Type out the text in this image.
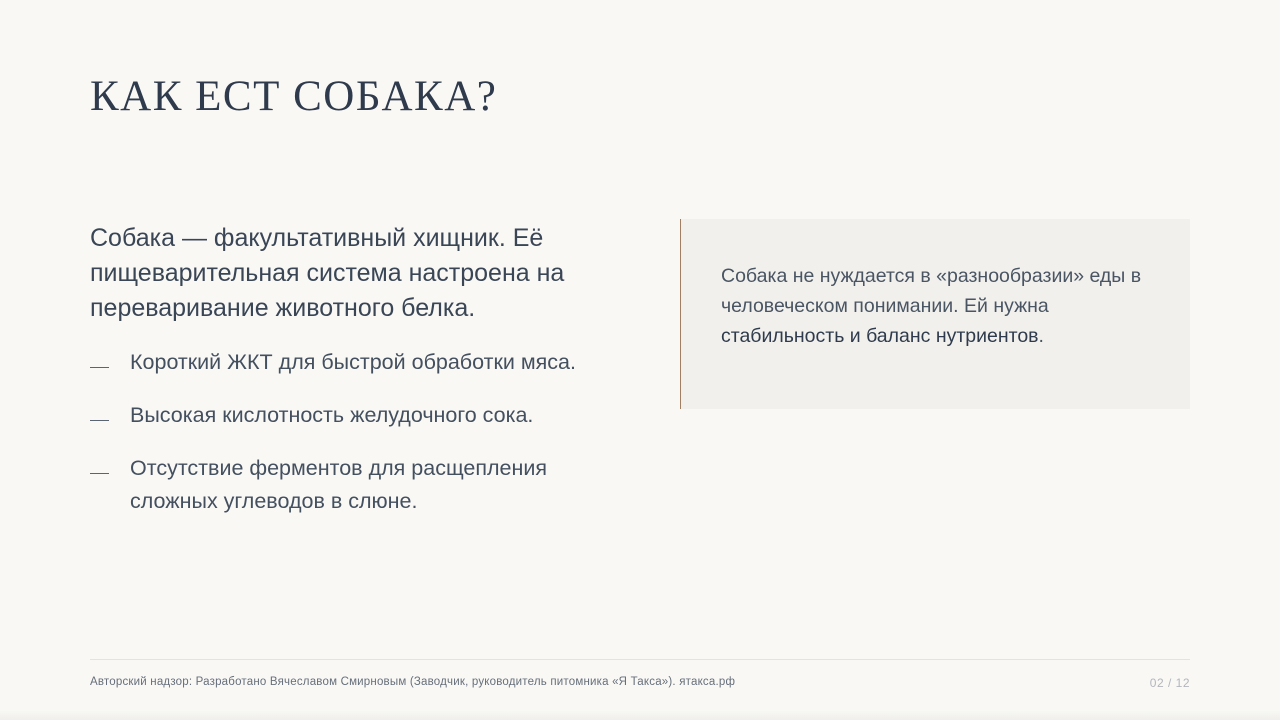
КАК ЕСТ СОБАКА?

Собака — факультативный хищник. Её пищеварительная система настроена на переваривание животного белка.

Короткий ЖКТ для быстрой обработки мяса.
Высокая кислотность желудочного сока.
Отсутствие ферментов для расщепления сложных углеводов в слюне.

Собака не нуждается в «разнообразии» еды в человеческом понимании. Ей нужна стабильность и баланс нутриентов.

Авторский надзор: Разработано Вячеславом Смирновым (Заводчик, руководитель питомника «Я Такса»). ятакса.рф	02 / 12
